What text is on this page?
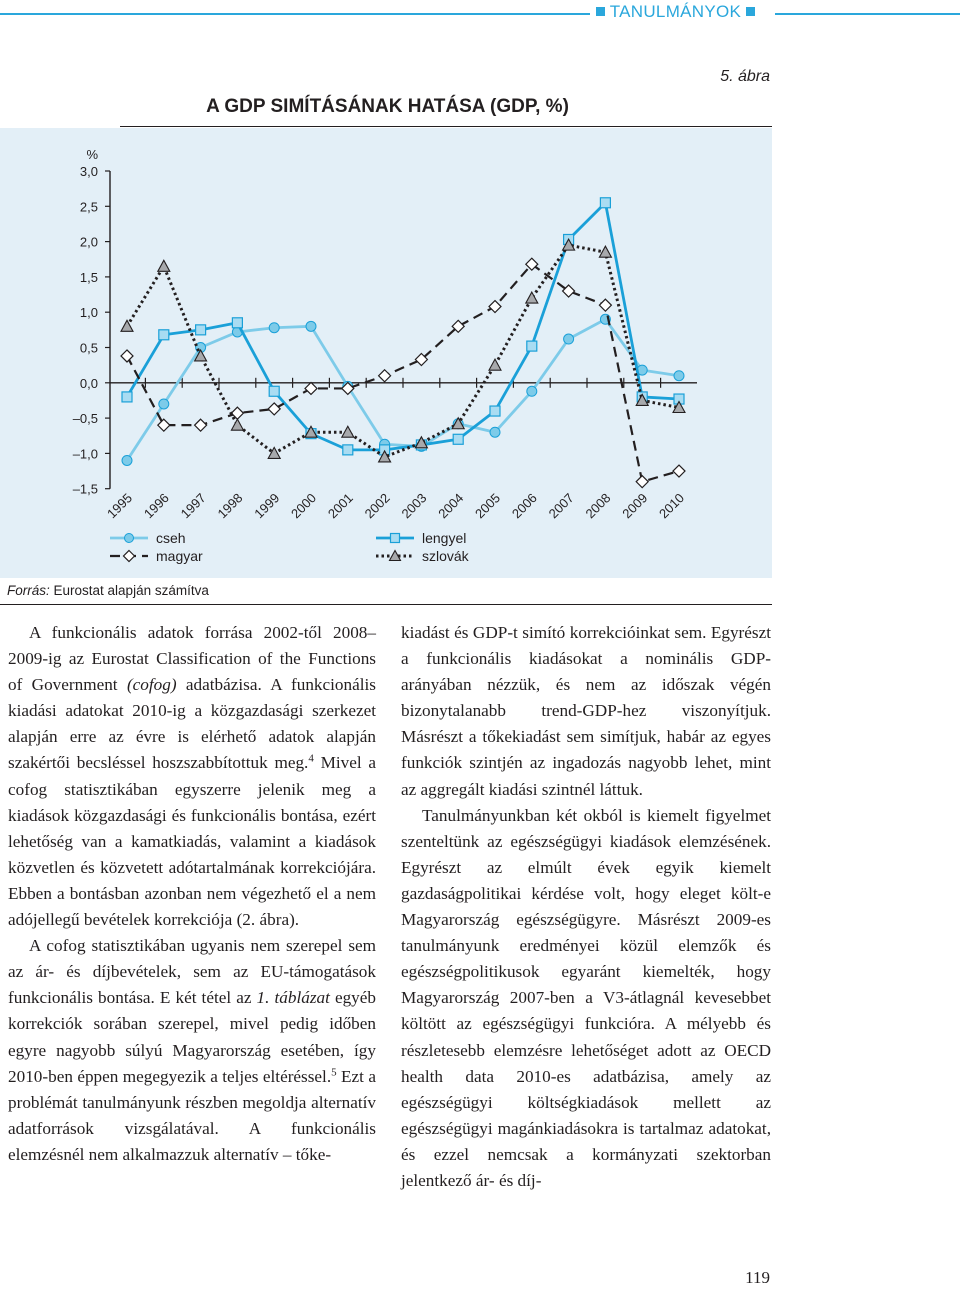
TANULMÁNYOK
5. ábra
A GDP SIMÍTÁSÁNAK HATÁSA (GDP, %)
%
3,0
2,5
2,0
1,5
1,0
0,5
0,0
–0,5
–1,0
–1,5
1995 1996 1997 1998 1999 2000 2001 2002 2003 2004 2005 2006 2007 2008 2009 2010
cseh	lengyel
magyar	szlovák
Forrás: Eurostat alapján számítva

A funkcionális adatok forrása 2002-től 2008–2009-ig az Eurostat Classification of the Functions of Government (cofog) adatbázisa. A funkcionális kiadási adatokat 2010-ig a közgazdasági szerkezet alapján erre az évre is elérhető adatok alapján szakértői becsléssel hoszszabbítottuk meg.$^4$ Mivel a cofog statisztikában egyszerre jelenik meg a kiadások közgazdasági és funkcionális bontása, ezért lehetőség van a kamatkiadás, valamint a kiadások közvetlen és közvetett adótartalmának korrekciójára. Ebben a bontásban azonban nem végezhető el a nem adójellegű bevételek korrekciója (2. ábra).

A cofog statisztikában ugyanis nem szerepel sem az ár- és díjbevételek, sem az EU-támogatások funkcionális bontása. E két tétel az 1. táblázat egyéb korrekciók sorában szerepel, mivel pedig időben egyre nagyobb súlyú Magyarország esetében, így 2010-ben éppen megegyezik a teljes eltéréssel.$^5$ Ezt a problémát tanulmányunk részben megoldja alternatív adatforrások vizsgálatával. A funkcionális elemzésnél nem alkalmazzuk alternatív – tőke-

kiadást és GDP-t simító korrekcióinkat sem. Egyrészt a funkcionális kiadásokat a nominális GDP-arányában nézzük, és nem az időszak végén bizonytalanabb trend-GDP-hez viszonyítjuk. Másrészt a tőkekiadást sem simítjuk, habár az egyes funkciók szintjén az ingadozás nagyobb lehet, mint az aggregált kiadási szintnél láttuk.

Tanulmányunkban két okból is kiemelt figyelmet szenteltünk az egészségügyi kiadások elemzésének. Egyrészt az elmúlt évek egyik kiemelt gazdaságpolitikai kérdése volt, hogy eleget költ-e Magyarország egészségügyre. Másrészt 2009-es tanulmányunk eredményei közül elemzők és egészségpolitikusok egyaránt kiemelték, hogy Magyarország 2007-ben a V3-átlagnál kevesebbet költött az egészségügyi funkcióra. A mélyebb és részletesebb elemzésre lehetőséget adott az OECD health data 2010-es adatbázisa, amely az egészségügyi költségkiadások mellett az egészségügyi magánkiadásokra is tartalmaz adatokat, és ezzel nemcsak a kormányzati szektorban jelentkező ár- és díj-

119
